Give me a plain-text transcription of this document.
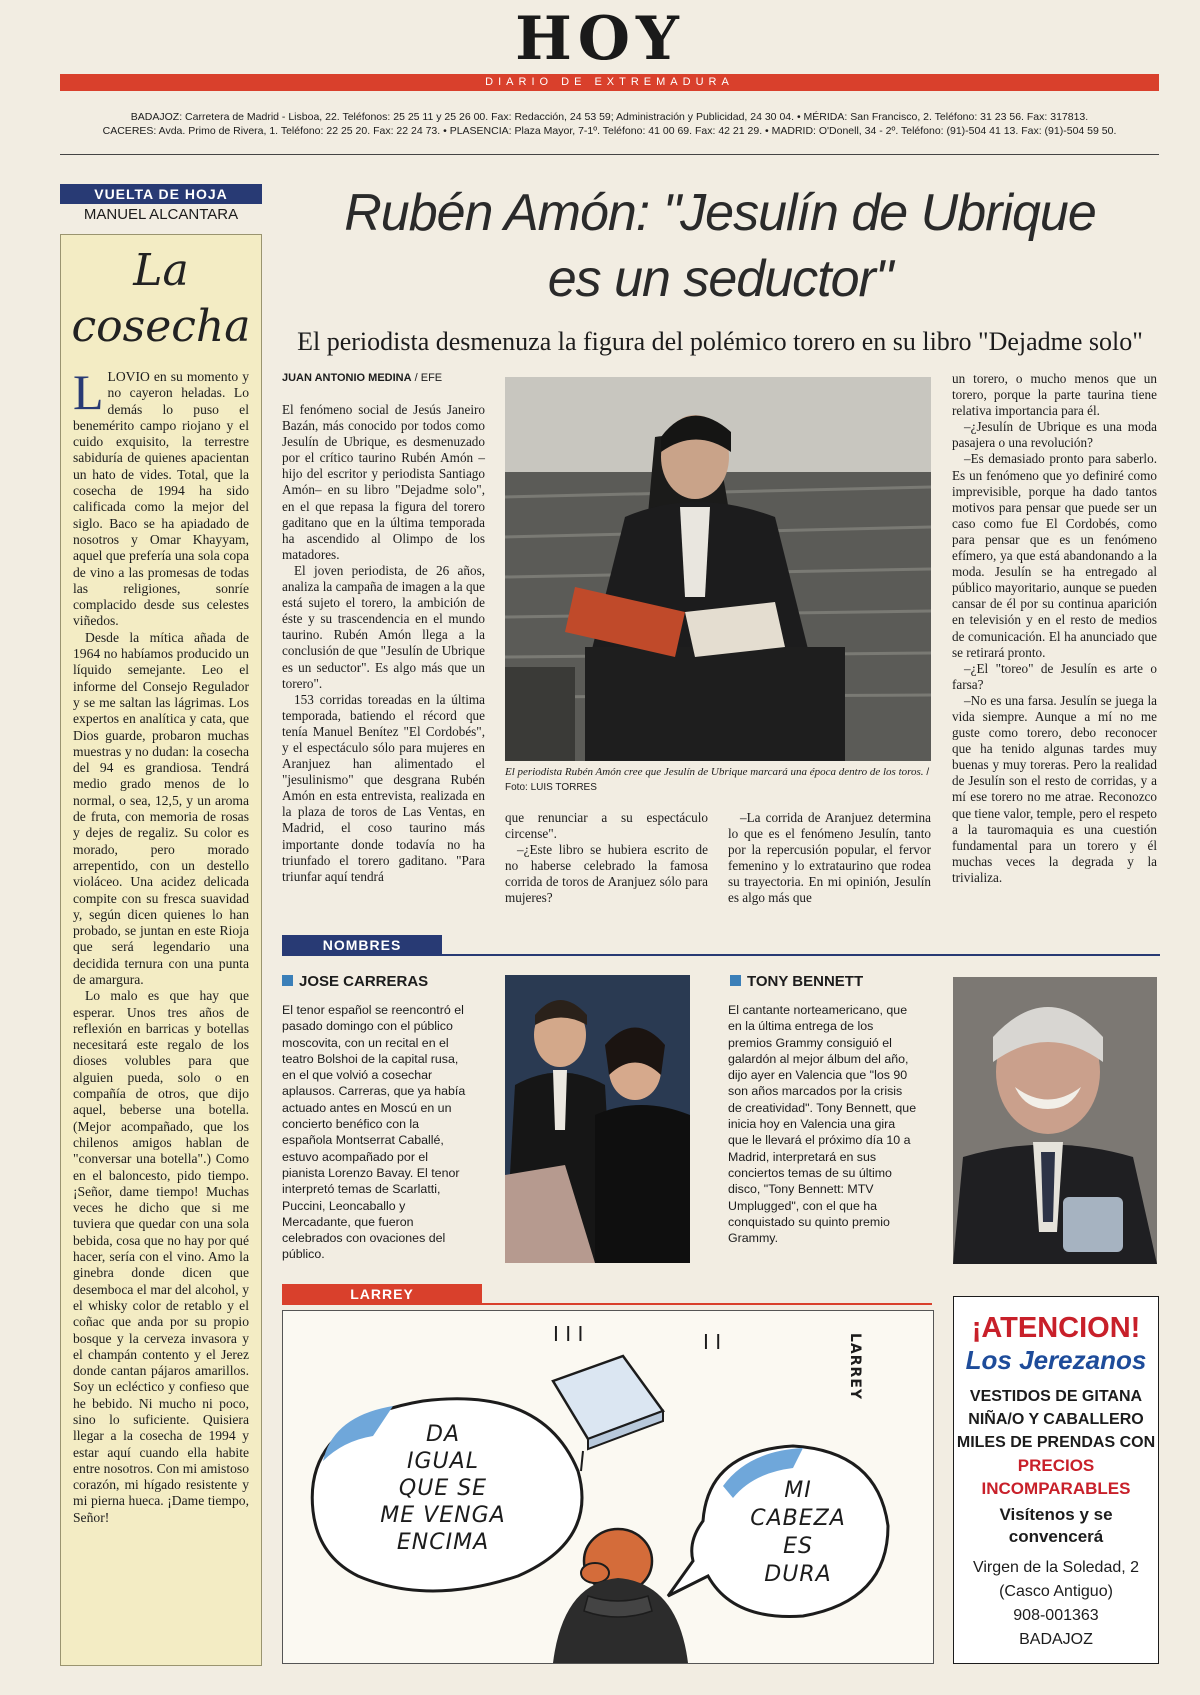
HOY
DIARIO DE EXTREMADURA
BADAJOZ: Carretera de Madrid - Lisboa, 22. Teléfonos: 25 25 11 y 25 26 00. Fax: Redacción, 24 53 59; Administración y Publicidad, 24 30 04. • MÉRIDA: San Francisco, 2. Teléfono: 31 23 56. Fax: 317813.
CACERES: Avda. Primo de Rivera, 1. Teléfono: 22 25 20. Fax: 22 24 73. • PLASENCIA: Plaza Mayor, 7-1º. Teléfono: 41 00 69. Fax: 42 21 29. • MADRID: O'Donell, 34 - 2º. Teléfono: (91)-504 41 13. Fax: (91)-504 59 50.
VUELTA DE HOJA
MANUEL ALCANTARA
La
cosecha

LLOVIO en su momento y no cayeron heladas. Lo demás lo puso el benemérito campo riojano y el cuido exquisito, la terrestre sabiduría de quienes apacientan un hato de vides. Total, que la cosecha de 1994 ha sido calificada como la mejor del siglo. Baco se ha apiadado de nosotros y Omar Khayyam, aquel que prefería una sola copa de vino a las promesas de todas las religiones, sonríe complacido desde sus celestes viñedos.

Desde la mítica añada de 1964 no habíamos producido un líquido semejante. Leo el informe del Consejo Regulador y se me saltan las lágrimas. Los expertos en analítica y cata, que Dios guarde, probaron muchas muestras y no dudan: la cosecha del 94 es grandiosa. Tendrá medio grado menos de lo normal, o sea, 12,5, y un aroma de fruta, con memoria de rosas y dejes de regaliz. Su color es morado, pero morado arrepentido, con un destello violáceo. Una acidez delicada compite con su fresca suavidad y, según dicen quienes lo han probado, se juntan en este Rioja que será legendario una decidida ternura con una punta de amargura.

Lo malo es que hay que esperar. Unos tres años de reflexión en barricas y botellas necesitará este regalo de los dioses volubles para que alguien pueda, solo o en compañía de otros, que dijo aquel, beberse una botella. (Mejor acompañado, que los chilenos amigos hablan de "conversar una botella".) Como en el baloncesto, pido tiempo. ¡Señor, dame tiempo! Muchas veces he dicho que si me tuviera que quedar con una sola bebida, cosa que no hay por qué hacer, sería con el vino. Amo la ginebra donde dicen que desemboca el mar del alcohol, y el whisky color de retablo y el coñac que anda por su propio bosque y la cerveza invasora y el champán contento y el Jerez donde cantan pájaros amarillos. Soy un ecléctico y confieso que he bebido. Ni mucho ni poco, sino lo suficiente. Quisiera llegar a la cosecha de 1994 y estar aquí cuando ella habite entre nosotros. Con mi amistoso corazón, mi hígado resistente y mi pierna hueca. ¡Dame tiempo, Señor!

Rubén Amón: "Jesulín de Ubrique
es un seductor"
El periodista desmenuza la figura del polémico torero en su libro "Dejadme solo"
JUAN ANTONIO MEDINA / EFE

El fenómeno social de Jesús Janeiro Bazán, más conocido por todos como Jesulín de Ubrique, es desmenuzado por el crítico taurino Rubén Amón –hijo del escritor y periodista Santiago Amón– en su libro "Dejadme solo", en el que repasa la figura del torero gaditano que en la última temporada ha ascendido al Olimpo de los matadores.

El joven periodista, de 26 años, analiza la campaña de imagen a la que está sujeto el torero, la ambición de éste y su trascendencia en el mundo taurino. Rubén Amón llega a la conclusión de que "Jesulín de Ubrique es un seductor". Es algo más que un torero".

153 corridas toreadas en la última temporada, batiendo el récord que tenía Manuel Benítez "El Cordobés", y el espectáculo sólo para mujeres en Aranjuez han alimentado el "jesulinismo" que desgrana Rubén Amón en esta entrevista, realizada en la plaza de toros de Las Ventas, en Madrid, el coso taurino más importante donde todavía no ha triunfado el torero gaditano. "Para triunfar aquí tendrá

El periodista Rubén Amón cree que Jesulín de Ubrique marcará una época dentro de los toros. / Foto: LUIS TORRES

que renunciar a su espectáculo circense".

–¿Este libro se hubiera escrito de no haberse celebrado la famosa corrida de toros de Aranjuez sólo para mujeres?

–La corrida de Aranjuez determina lo que es el fenómeno Jesulín, tanto por la repercusión popular, el fervor femenino y lo extrataurino que rodea su trayectoria. En mi opinión, Jesulín es algo más que

un torero, o mucho menos que un torero, porque la parte taurina tiene relativa importancia para él.

–¿Jesulín de Ubrique es una moda pasajera o una revolución?

–Es demasiado pronto para saberlo. Es un fenómeno que yo definiré como imprevisible, porque ha dado tantos motivos para pensar que puede ser un caso como fue El Cordobés, como para pensar que es un fenómeno efímero, ya que está abandonando a la moda. Jesulín se ha entregado al público mayoritario, aunque se pueden cansar de él por su continua aparición en televisión y en el resto de medios de comunicación. El ha anunciado que se retirará pronto.

–¿El "toreo" de Jesulín es arte o farsa?

–No es una farsa. Jesulín se juega la vida siempre. Aunque a mí no me guste como torero, debo reconocer que ha tenido algunas tardes muy buenas y muy toreras. Pero la realidad de Jesulín son el resto de corridas, y a mí ese torero no me atrae. Reconozco que tiene valor, temple, pero el respeto a la tauromaquia es una cuestión fundamental para un torero y él muchas veces la degrada y la trivializa.

NOMBRES
JOSE CARRERAS
El tenor español se reencontró el pasado domingo con el público moscovita, con un recital en el teatro Bolshoi de la capital rusa, en el que volvió a cosechar aplausos. Carreras, que ya había actuado antes en Moscú en un concierto benéfico con la española Montserrat Caballé, estuvo acompañado por el pianista Lorenzo Bavay. El tenor interpretó temas de Scarlatti, Puccini, Leoncaballo y Mercadante, que fueron celebrados con ovaciones del público.
TONY BENNETT
El cantante norteamericano, que en la última entrega de los premios Grammy consiguió el galardón al mejor álbum del año, dijo ayer en Valencia que "los 90 son años marcados por la crisis de creatividad". Tony Bennett, que inicia hoy en Valencia una gira que le llevará el próximo día 10 a Madrid, interpretará en sus conciertos temas de su último disco, "Tony Bennett: MTV Umplugged", con el que ha conquistado su quinto premio Grammy.
LARREY
I I I	I I
DA
IGUAL
QUE SE
ME VENGA
ENCIMA
MI
CABEZA
ES
DURA
LARREY
¡ATENCION!
Los Jerezanos
VESTIDOS DE GITANA
NIÑA/O Y CABALLERO
MILES DE PRENDAS CON
PRECIOS
INCOMPARABLES
Visítenos y se
convencerá
Virgen de la Soledad, 2
(Casco Antiguo)
908-001363
BADAJOZ
